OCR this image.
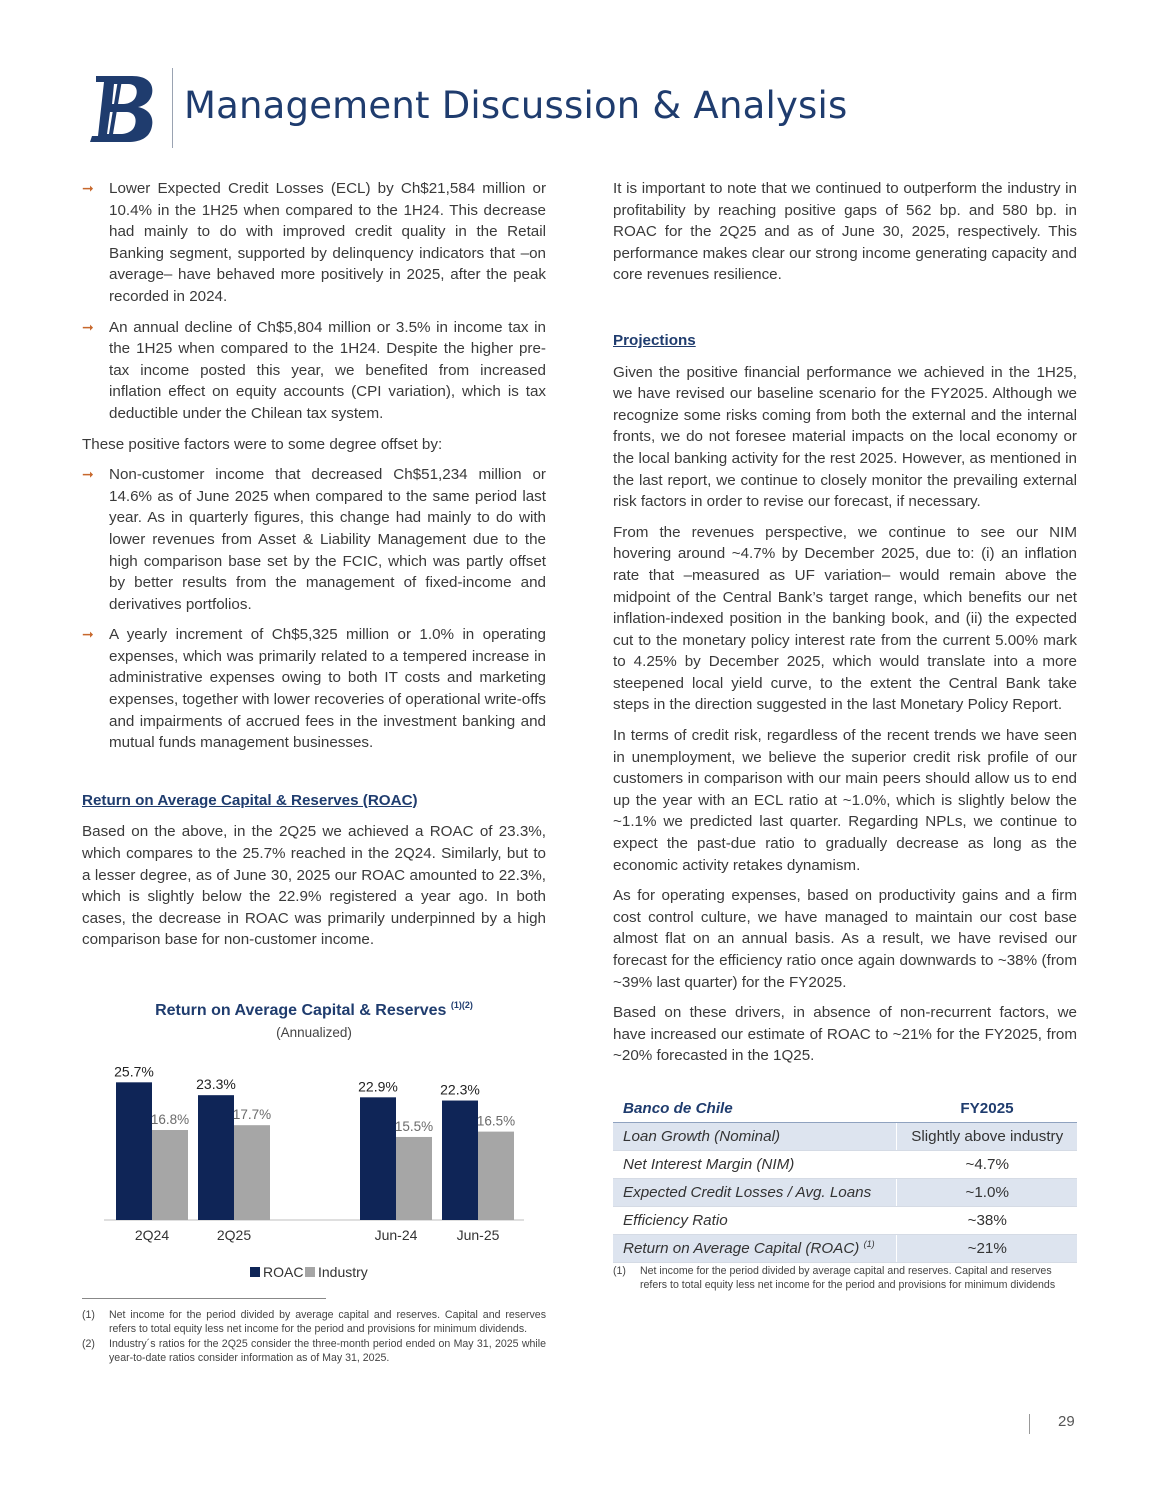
Management Discussion & Analysis
➞ Lower Expected Credit Losses (ECL) by Ch$21,584 million or 10.4% in the 1H25 when compared to the 1H24. This decrease had mainly to do with improved credit quality in the Retail Banking segment, supported by delinquency indicators that –on average– have behaved more positively in 2025, after the peak recorded in 2024.
➞ An annual decline of Ch$5,804 million or 3.5% in income tax in the 1H25 when compared to the 1H24. Despite the higher pre-tax income posted this year, we benefited from increased inflation effect on equity accounts (CPI variation), which is tax deductible under the Chilean tax system.

These positive factors were to some degree offset by:

➞ Non-customer income that decreased Ch$51,234 million or 14.6% as of June 2025 when compared to the same period last year. As in quarterly figures, this change had mainly to do with lower revenues from Asset & Liability Management due to the high comparison base set by the FCIC, which was partly offset by better results from the management of fixed-income and derivatives portfolios.
➞ A yearly increment of Ch$5,325 million or 1.0% in operating expenses, which was primarily related to a tempered increase in administrative expenses owing to both IT costs and marketing expenses, together with lower recoveries of operational write-offs and impairments of accrued fees in the investment banking and mutual funds management businesses.
Return on Average Capital & Reserves (ROAC)

Based on the above, in the 2Q25 we achieved a ROAC of 23.3%, which compares to the 25.7% reached in the 2Q24. Similarly, but to a lesser degree, as of June 30, 2025 our ROAC amounted to 22.3%, which is slightly below the 22.9% registered a year ago. In both cases, the decrease in ROAC was primarily underpinned by a high comparison base for non-customer income.

Return on Average Capital & Reserves $^{(1)(2)}$
(Annualized)
25.7%
16.8%
2Q24
23.3%
17.7%
2Q25
22.9%
15.5%
Jun-24
22.3%
16.5%
Jun-25
ROAC Industry
(1) Net income for the period divided by average capital and reserves. Capital and reserves refers to total equity less net income for the period and provisions for minimum dividends.
(2) Industry´s ratios for the 2Q25 consider the three-month period ended on May 31, 2025 while year-to-date ratios consider information as of May 31, 2025.

It is important to note that we continued to outperform the industry in profitability by reaching positive gaps of 562 bp. and 580 bp. in ROAC for the 2Q25 and as of June 30, 2025, respectively. This performance makes clear our strong income generating capacity and core revenues resilience.

Projections

Given the positive financial performance we achieved in the 1H25, we have revised our baseline scenario for the FY2025. Although we recognize some risks coming from both the external and the internal fronts, we do not foresee material impacts on the local economy or the local banking activity for the rest 2025. However, as mentioned in the last report, we continue to closely monitor the prevailing external risk factors in order to revise our forecast, if necessary.

From the revenues perspective, we continue to see our NIM hovering around ~4.7% by December 2025, due to: (i) an inflation rate that –measured as UF variation– would remain above the midpoint of the Central Bank’s target range, which benefits our net inflation-indexed position in the banking book, and (ii) the expected cut to the monetary policy interest rate from the current 5.00% mark to 4.25% by December 2025, which would translate into a more steepened local yield curve, to the extent the Central Bank take steps in the direction suggested in the last Monetary Policy Report.

In terms of credit risk, regardless of the recent trends we have seen in unemployment, we believe the superior credit risk profile of our customers in comparison with our main peers should allow us to end up the year with an ECL ratio at ~1.0%, which is slightly below the ~1.1% we predicted last quarter. Regarding NPLs, we continue to expect the past-due ratio to gradually decrease as long as the economic activity retakes dynamism.

As for operating expenses, based on productivity gains and a firm cost control culture, we have managed to maintain our cost base almost flat on an annual basis. As a result, we have revised our forecast for the efficiency ratio once again downwards to ~38% (from ~39% last quarter) for the FY2025.

Based on these drivers, in absence of non-recurrent factors, we have increased our estimate of ROAC to ~21% for the FY2025, from ~20% forecasted in the 1Q25.

Banco de Chile	FY2025
Loan Growth (Nominal)	Slightly above industry
Net Interest Margin (NIM)	~4.7%
Expected Credit Losses / Avg. Loans	~1.0%
Efficiency Ratio	~38%
Return on Average Capital (ROAC) $^{(1)}$	~21%
(1) Net income for the period divided by average capital and reserves. Capital and reserves refers to total equity less net income for the period and provisions for minimum dividends
29
